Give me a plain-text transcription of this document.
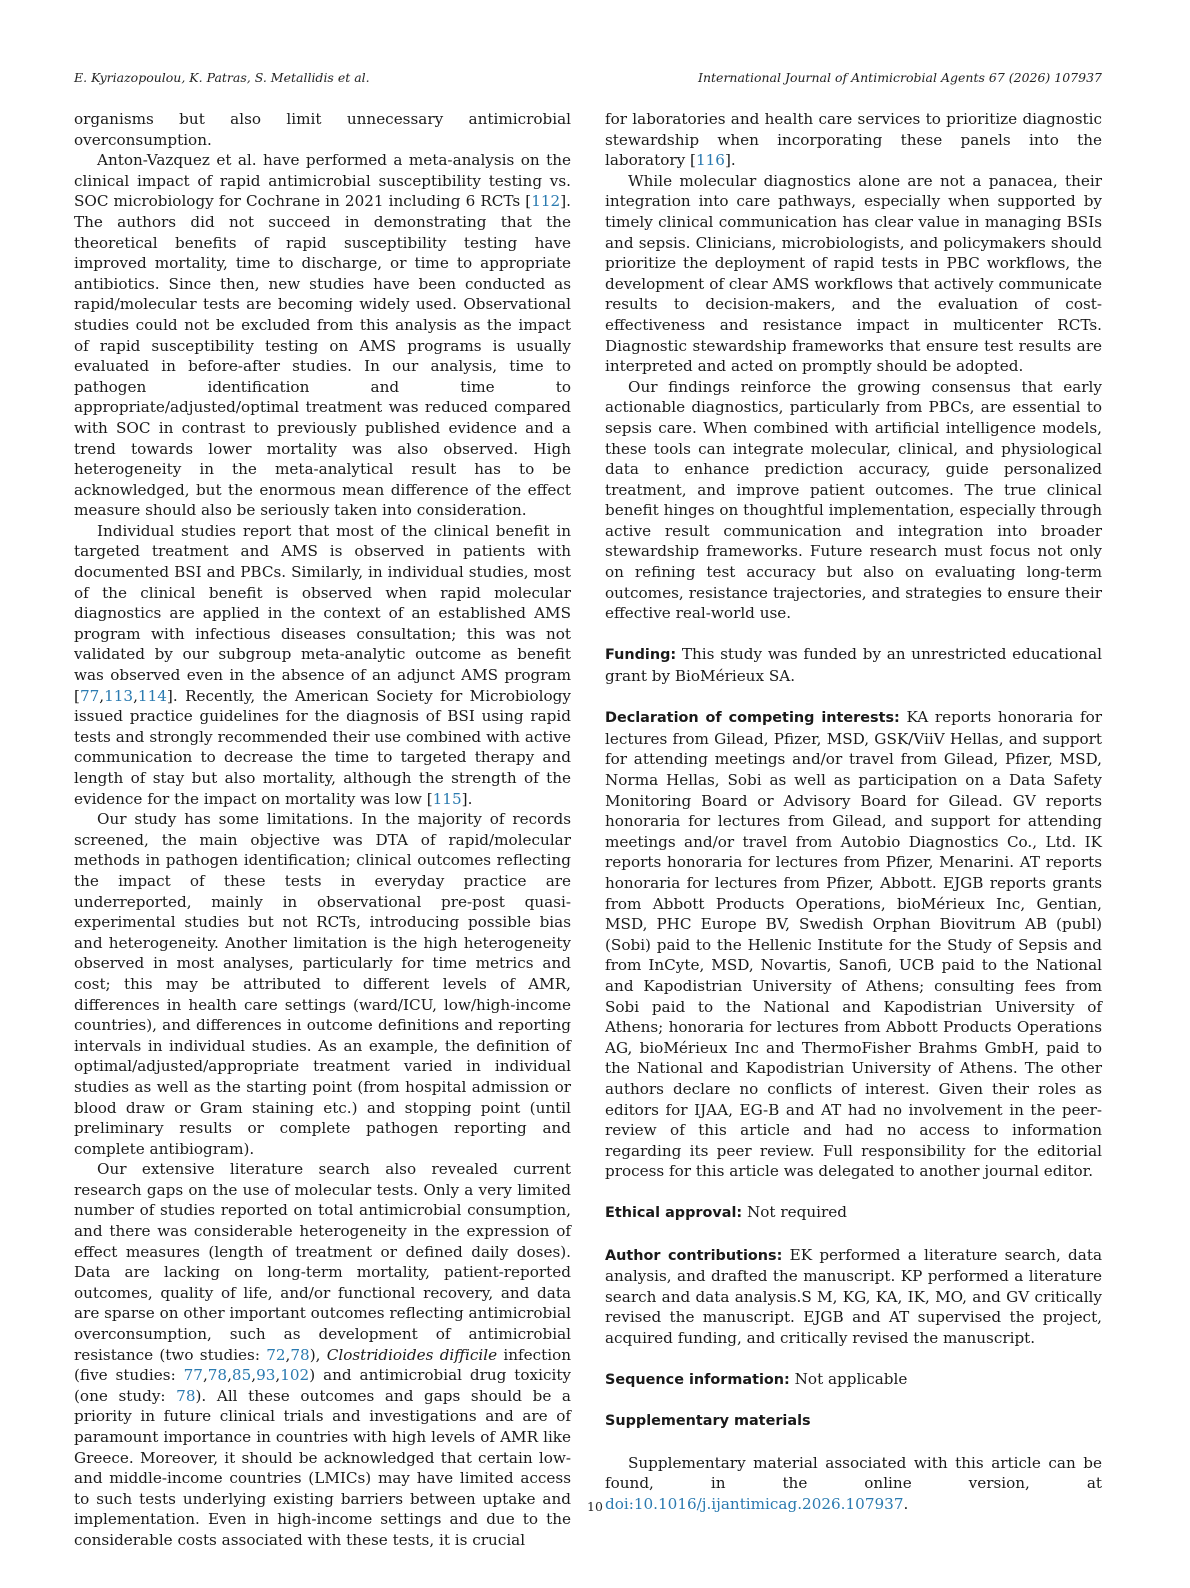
E. Kyriazopoulou, K. Patras, S. Metallidis et al.	International Journal of Antimicrobial Agents 67 (2026) 107937

organisms but also limit unnecessary antimicrobial overconsumption.

Anton-Vazquez et al. have performed a meta-analysis on the clinical impact of rapid antimicrobial susceptibility testing vs. SOC microbiology for Cochrane in 2021 including 6 RCTs [112]. The authors did not succeed in demonstrating that the theoretical benefits of rapid susceptibility testing have improved mortality, time to discharge, or time to appropriate antibiotics. Since then, new studies have been conducted as rapid/molecular tests are becoming widely used. Observational studies could not be excluded from this analysis as the impact of rapid susceptibility testing on AMS programs is usually evaluated in before-after studies. In our analysis, time to pathogen identification and time to appropriate/adjusted/optimal treatment was reduced compared with SOC in contrast to previously published evidence and a trend towards lower mortality was also observed. High heterogeneity in the meta-analytical result has to be acknowledged, but the enormous mean difference of the effect measure should also be seriously taken into consideration.

Individual studies report that most of the clinical benefit in targeted treatment and AMS is observed in patients with documented BSI and PBCs. Similarly, in individual studies, most of the clinical benefit is observed when rapid molecular diagnostics are applied in the context of an established AMS program with infectious diseases consultation; this was not validated by our subgroup meta-analytic outcome as benefit was observed even in the absence of an adjunct AMS program [77,113,114]. Recently, the American Society for Microbiology issued practice guidelines for the diagnosis of BSI using rapid tests and strongly recommended their use combined with active communication to decrease the time to targeted therapy and length of stay but also mortality, although the strength of the evidence for the impact on mortality was low [115].

Our study has some limitations. In the majority of records screened, the main objective was DTA of rapid/molecular methods in pathogen identification; clinical outcomes reflecting the impact of these tests in everyday practice are underreported, mainly in observational pre-post quasi-experimental studies but not RCTs, introducing possible bias and heterogeneity. Another limitation is the high heterogeneity observed in most analyses, particularly for time metrics and cost; this may be attributed to different levels of AMR, differences in health care settings (ward/ICU, low/high-income countries), and differences in outcome definitions and reporting intervals in individual studies. As an example, the definition of optimal/adjusted/appropriate treatment varied in individual studies as well as the starting point (from hospital admission or blood draw or Gram staining etc.) and stopping point (until preliminary results or complete pathogen reporting and complete antibiogram).

Our extensive literature search also revealed current research gaps on the use of molecular tests. Only a very limited number of studies reported on total antimicrobial consumption, and there was considerable heterogeneity in the expression of effect measures (length of treatment or defined daily doses). Data are lacking on long-term mortality, patient-reported outcomes, quality of life, and/or functional recovery, and data are sparse on other important outcomes reflecting antimicrobial overconsumption, such as development of antimicrobial resistance (two studies: 72,78), Clostridioides difficile infection (five studies: 77,78,85,93,102) and antimicrobial drug toxicity (one study: 78). All these outcomes and gaps should be a priority in future clinical trials and investigations and are of paramount importance in countries with high levels of AMR like Greece. Moreover, it should be acknowledged that certain low- and middle-income countries (LMICs) may have limited access to such tests underlying existing barriers between uptake and implementation. Even in high-income settings and due to the considerable costs associated with these tests, it is crucial

for laboratories and health care services to prioritize diagnostic stewardship when incorporating these panels into the laboratory [116].

While molecular diagnostics alone are not a panacea, their integration into care pathways, especially when supported by timely clinical communication has clear value in managing BSIs and sepsis. Clinicians, microbiologists, and policymakers should prioritize the deployment of rapid tests in PBC workflows, the development of clear AMS workflows that actively communicate results to decision-makers, and the evaluation of cost-effectiveness and resistance impact in multicenter RCTs. Diagnostic stewardship frameworks that ensure test results are interpreted and acted on promptly should be adopted.

Our findings reinforce the growing consensus that early actionable diagnostics, particularly from PBCs, are essential to sepsis care. When combined with artificial intelligence models, these tools can integrate molecular, clinical, and physiological data to enhance prediction accuracy, guide personalized treatment, and improve patient outcomes. The true clinical benefit hinges on thoughtful implementation, especially through active result communication and integration into broader stewardship frameworks. Future research must focus not only on refining test accuracy but also on evaluating long-term outcomes, resistance trajectories, and strategies to ensure their effective real-world use.

Funding: This study was funded by an unrestricted educational grant by BioMérieux SA.

Declaration of competing interests: KA reports honoraria for lectures from Gilead, Pfizer, MSD, GSK/ViiV Hellas, and support for attending meetings and/or travel from Gilead, Pfizer, MSD, Norma Hellas, Sobi as well as participation on a Data Safety Monitoring Board or Advisory Board for Gilead. GV reports honoraria for lectures from Gilead, and support for attending meetings and/or travel from Autobio Diagnostics Co., Ltd. IK reports honoraria for lectures from Pfizer, Menarini. AT reports honoraria for lectures from Pfizer, Abbott. EJGB reports grants from Abbott Products Operations, bioMérieux Inc, Gentian, MSD, PHC Europe BV, Swedish Orphan Biovitrum AB (publ) (Sobi) paid to the Hellenic Institute for the Study of Sepsis and from InCyte, MSD, Novartis, Sanofi, UCB paid to the National and Kapodistrian University of Athens; consulting fees from Sobi paid to the National and Kapodistrian University of Athens; honoraria for lectures from Abbott Products Operations AG, bioMérieux Inc and ThermoFisher Brahms GmbH, paid to the National and Kapodistrian University of Athens. The other authors declare no conflicts of interest. Given their roles as editors for IJAA, EG-B and AT had no involvement in the peer-review of this article and had no access to information regarding its peer review. Full responsibility for the editorial process for this article was delegated to another journal editor.

Ethical approval: Not required

Author contributions: EK performed a literature search, data analysis, and drafted the manuscript. KP performed a literature search and data analysis.S M, KG, KA, IK, MO, and GV critically revised the manuscript. EJGB and AT supervised the project, acquired funding, and critically revised the manuscript.

Sequence information: Not applicable

Supplementary materials

Supplementary material associated with this article can be found, in the online version, at doi:10.1016/j.ijantimicag.2026.107937.

10
